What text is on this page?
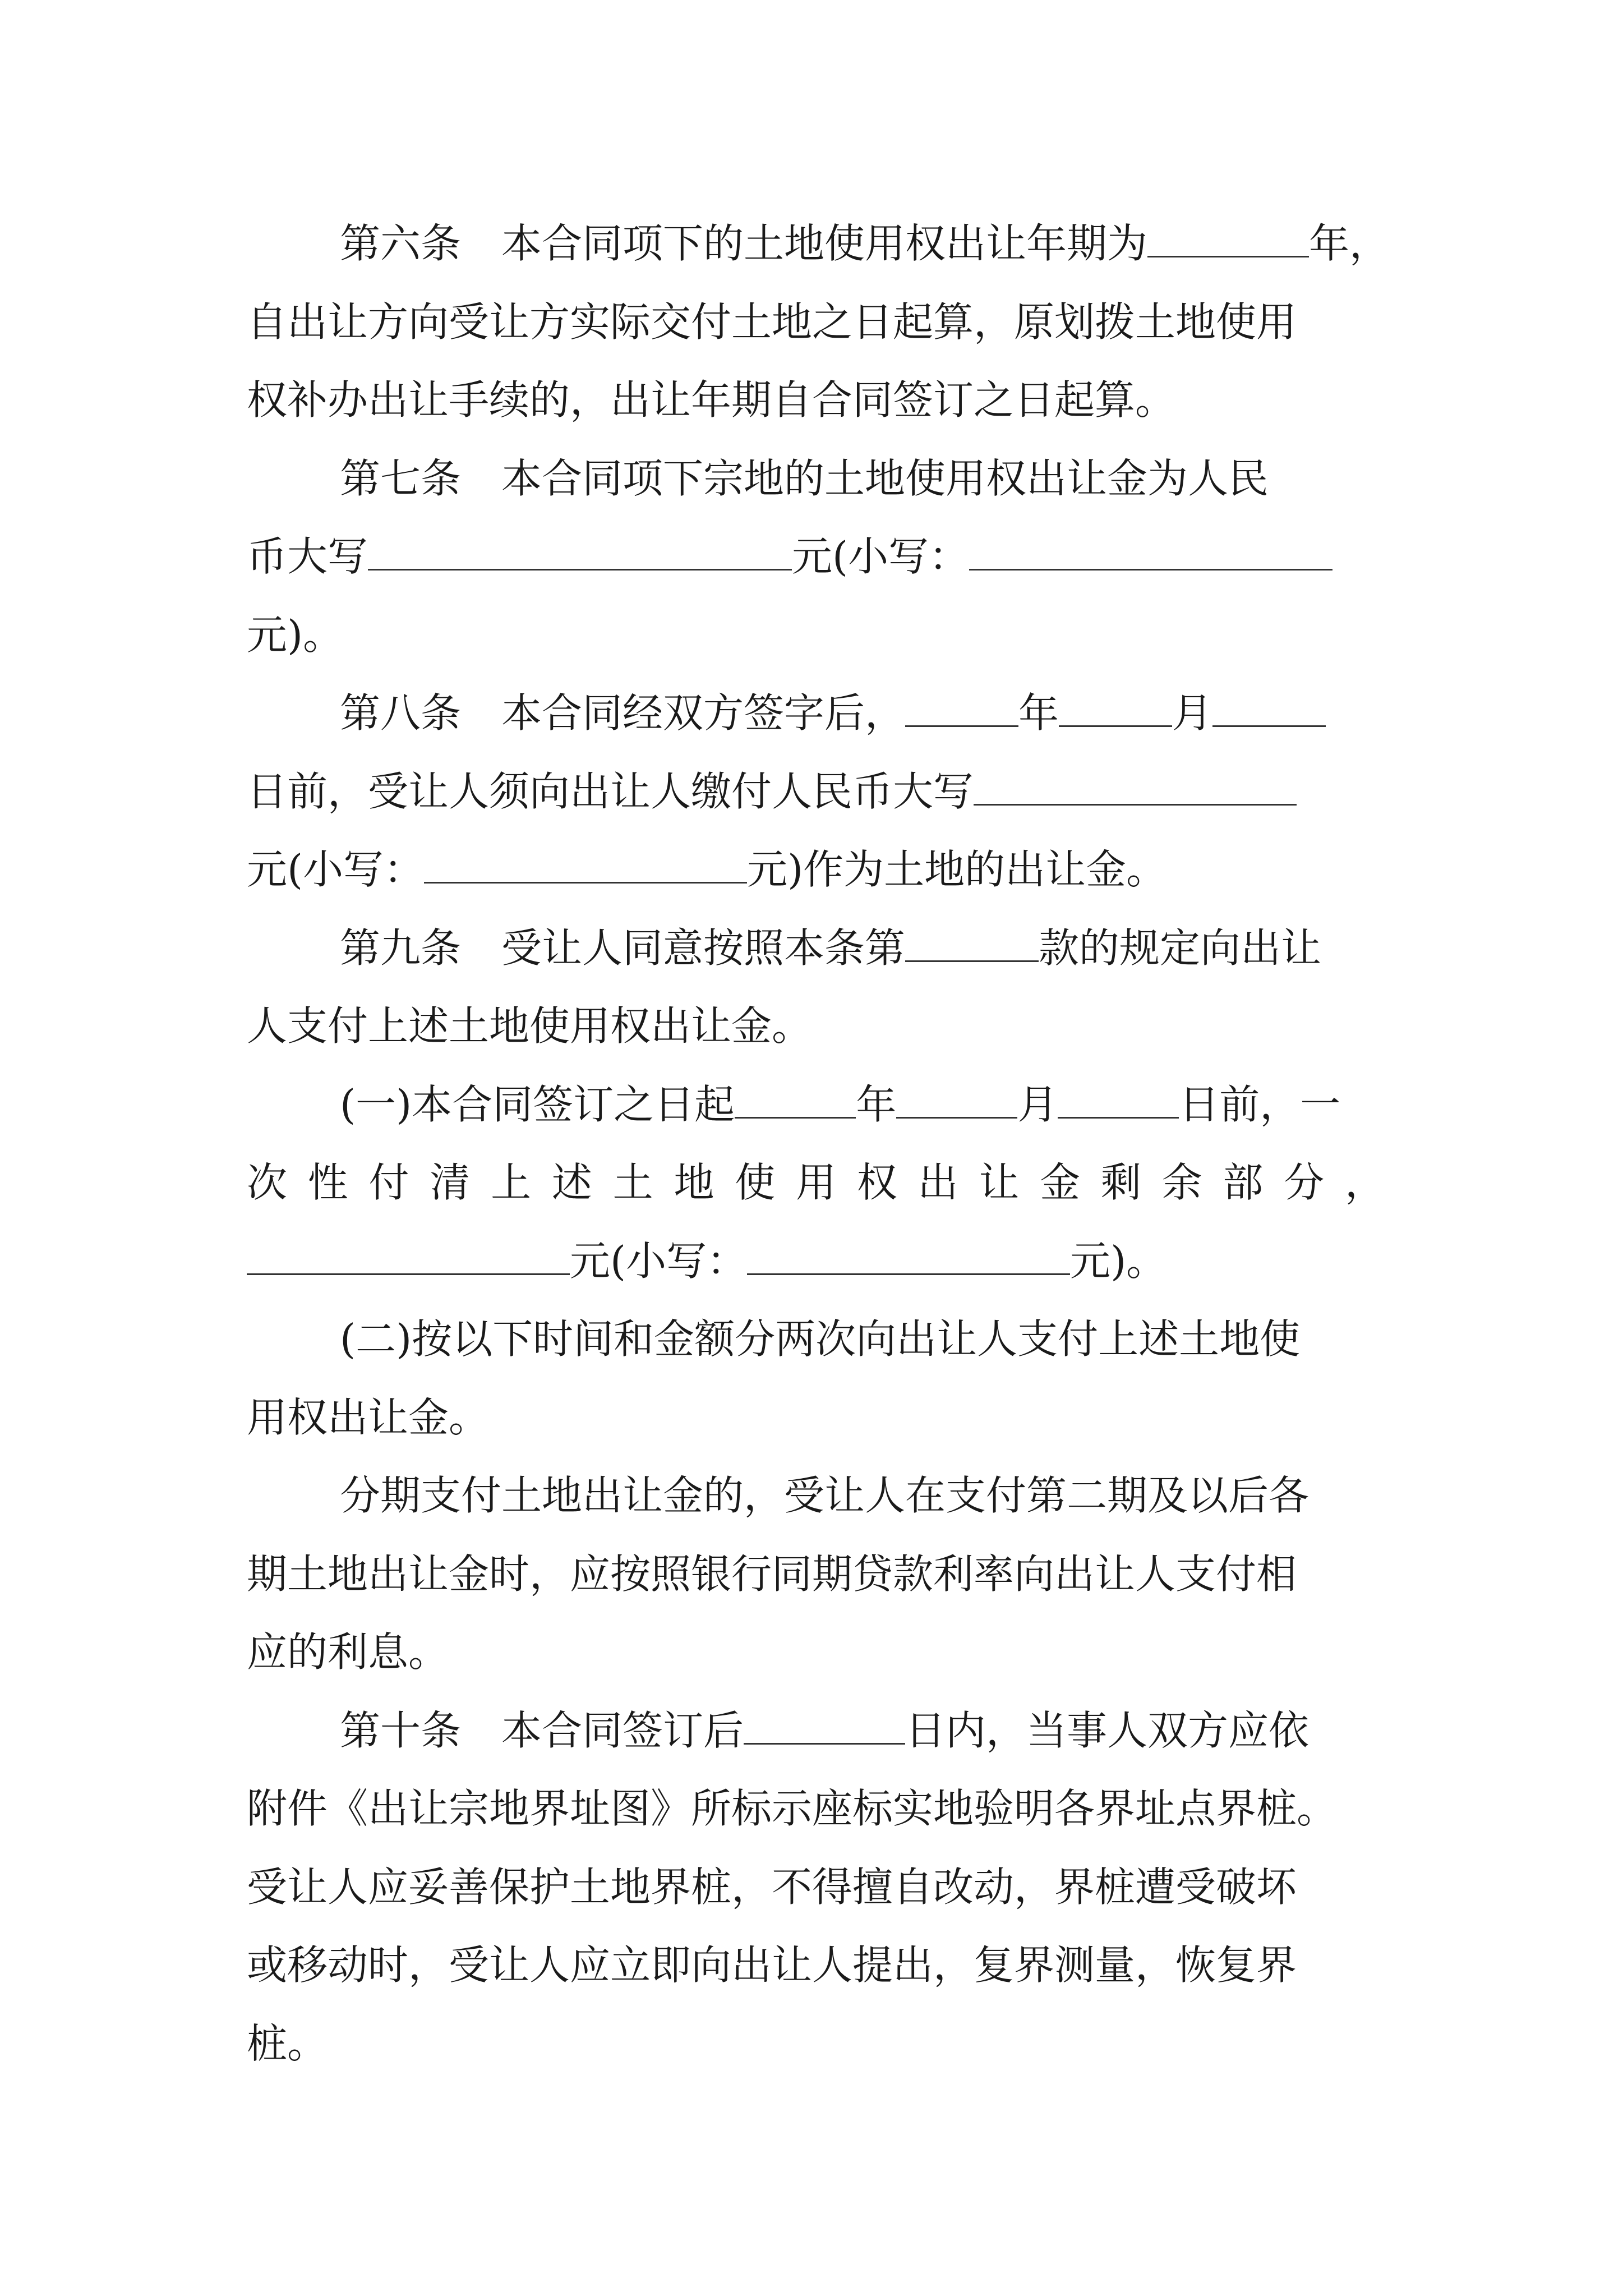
第六条 本合同项下的土地使用权出让年期为	年，
自出让方向受让方实际交付土地之日起算，原划拨土地使用
权补办出让手续的，出让年期自合同签订之日起算。
第七条 本合同项下宗地的土地使用权出让金为人民
币大写	元(小写：
元)。
第八条 本合同经双方签字后，	年	月
日前，受让人须向出让人缴付人民币大写
元(小写：	元)作为土地的出让金。
第九条 受让人同意按照本条第	款的规定向出让
人支付上述土地使用权出让金。
(一)本合同签订之日起	年	月	日前，一
次性付清上述土地使用权出让金剩余部分，
元(小写：	元)。
(二)按以下时间和金额分两次向出让人支付上述土地使
用权出让金。
分期支付土地出让金的，受让人在支付第二期及以后各
期土地出让金时，应按照银行同期贷款利率向出让人支付相
应的利息。
第十条 本合同签订后	日内，当事人双方应依
附件《出让宗地界址图》所标示座标实地验明各界址点界桩。
受让人应妥善保护土地界桩，不得擅自改动，界桩遭受破坏
或移动时，受让人应立即向出让人提出，复界测量，恢复界
桩。
